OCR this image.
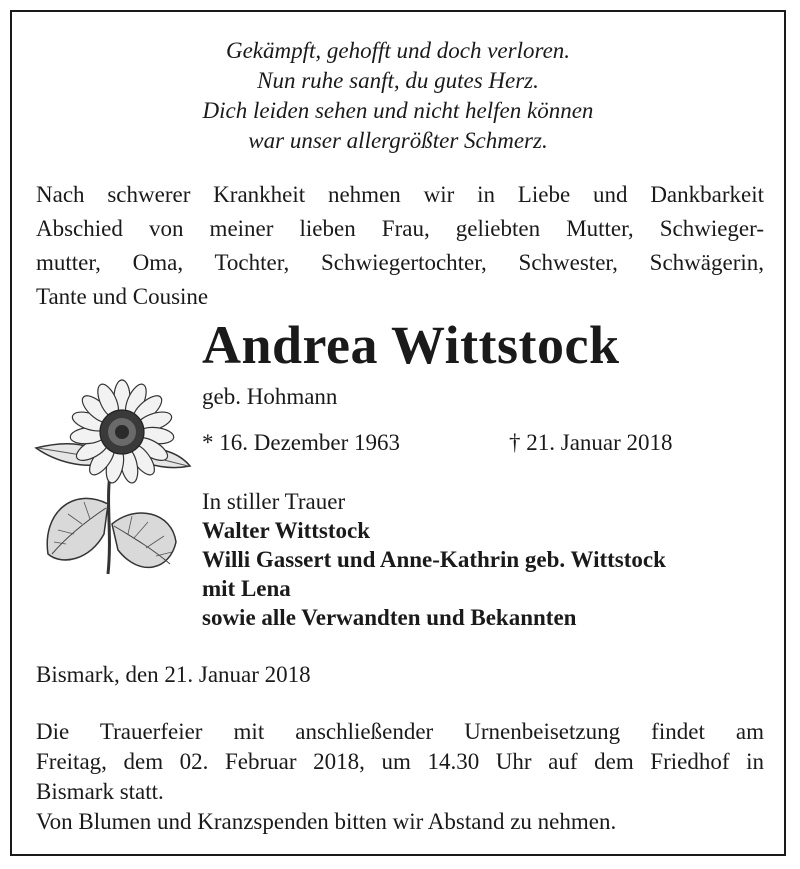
Gekämpft, gehofft und doch verloren.
Nun ruhe sanft, du gutes Herz.
Dich leiden sehen und nicht helfen können
war unser allergrößter Schmerz.
Nach schwerer Krankheit nehmen wir in Liebe und Dankbarkeit
Abschied von meiner lieben Frau, geliebten Mutter, Schwieger-
mutter, Oma, Tochter, Schwiegertochter, Schwester, Schwägerin,
Tante und Cousine
Andrea Wittstock
geb. Hohmann
* 16. Dezember 1963	† 21. Januar 2018
In stiller Trauer
Walter Wittstock
Willi Gassert und Anne-Kathrin geb. Wittstock
mit Lena
sowie alle Verwandten und Bekannten
Bismark, den 21. Januar 2018
Die Trauerfeier mit anschließender Urnenbeisetzung findet am
Freitag, dem 02. Februar 2018, um 14.30 Uhr auf dem Friedhof in
Bismark statt.
Von Blumen und Kranzspenden bitten wir Abstand zu nehmen.
